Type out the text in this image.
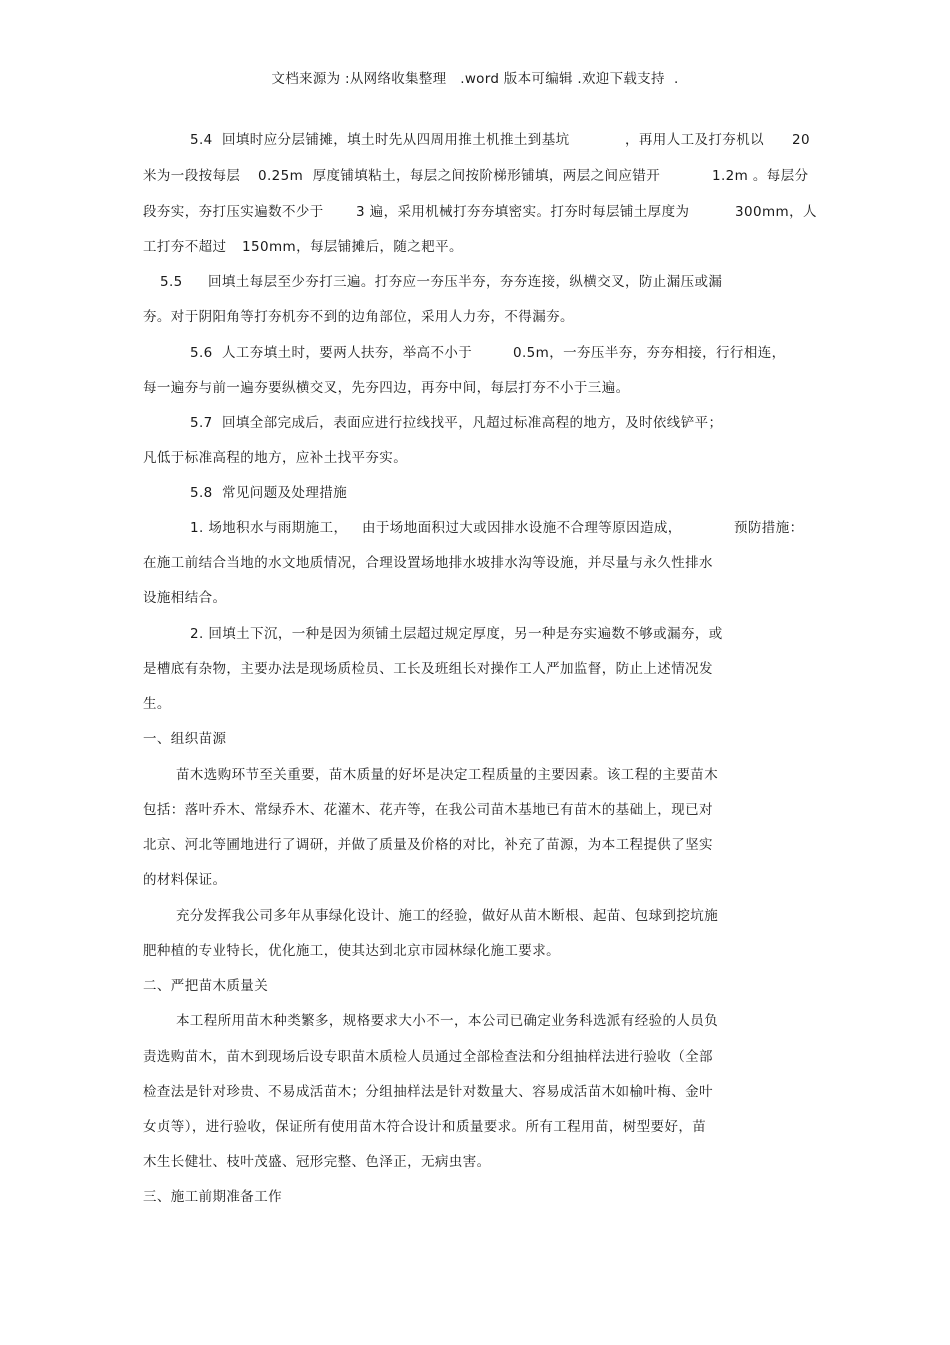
文档来源为 :从网络收集整理   .word 版本可编辑 .欢迎下载支持  .
5.4 回填时应分层铺摊，填土时先从四周用推土机推土到基坑	，再用人工及打夯机以 20
米为一段按每层 0.25m  厚度铺填粘土，每层之间按阶梯形铺填，两层之间应错开	1.2m 。每层分
段夯实，夯打压实遍数不少于 3 遍，采用机械打夯夯填密实。打夯时每层铺土厚度为	300mm，人
工打夯不超过 150mm，每层铺摊后，随之耙平。
5.5 回填土每层至少夯打三遍。打夯应一夯压半夯，夯夯连接，纵横交叉，防止漏压或漏
夯。对于阴阳角等打夯机夯不到的边角部位，采用人力夯，不得漏夯。
5.6 人工夯填土时，要两人扶夯，举高不小于	0.5m，一夯压半夯，夯夯相接，行行相连，
每一遍夯与前一遍夯要纵横交叉，先夯四边，再夯中间，每层打夯不小于三遍。
5.7 回填全部完成后，表面应进行拉线找平，凡超过标准高程的地方，及时依线铲平；
凡低于标准高程的地方，应补土找平夯实。
5.8 常见问题及处理措施
1. 场地积水与雨期施工， 由于场地面积过大或因排水设施不合理等原因造成，	预防措施：
在施工前结合当地的水文地质情况，合理设置场地排水坡排水沟等设施，并尽量与永久性排水
设施相结合。
2. 回填土下沉，一种是因为须铺土层超过规定厚度，另一种是夯实遍数不够或漏夯，或
是槽底有杂物，主要办法是现场质检员、工长及班组长对操作工人严加监督，防止上述情况发
生。
一、组织苗源
苗木选购环节至关重要，苗木质量的好坏是决定工程质量的主要因素。该工程的主要苗木
包括：落叶乔木、常绿乔木、花灌木、花卉等，在我公司苗木基地已有苗木的基础上，现已对
北京、河北等圃地进行了调研，并做了质量及价格的对比，补充了苗源，为本工程提供了坚实
的材料保证。
充分发挥我公司多年从事绿化设计、施工的经验，做好从苗木断根、起苗、包球到挖坑施
肥种植的专业特长，优化施工，使其达到北京市园林绿化施工要求。
二、严把苗木质量关
本工程所用苗木种类繁多，规格要求大小不一，本公司已确定业务科选派有经验的人员负
责选购苗木，苗木到现场后设专职苗木质检人员通过全部检查法和分组抽样法进行验收（全部
检查法是针对珍贵、不易成活苗木；分组抽样法是针对数量大、容易成活苗木如榆叶梅、金叶
女贞等），进行验收，保证所有使用苗木符合设计和质量要求。所有工程用苗，树型要好，苗
木生长健壮、枝叶茂盛、冠形完整、色泽正，无病虫害。
三、施工前期准备工作
